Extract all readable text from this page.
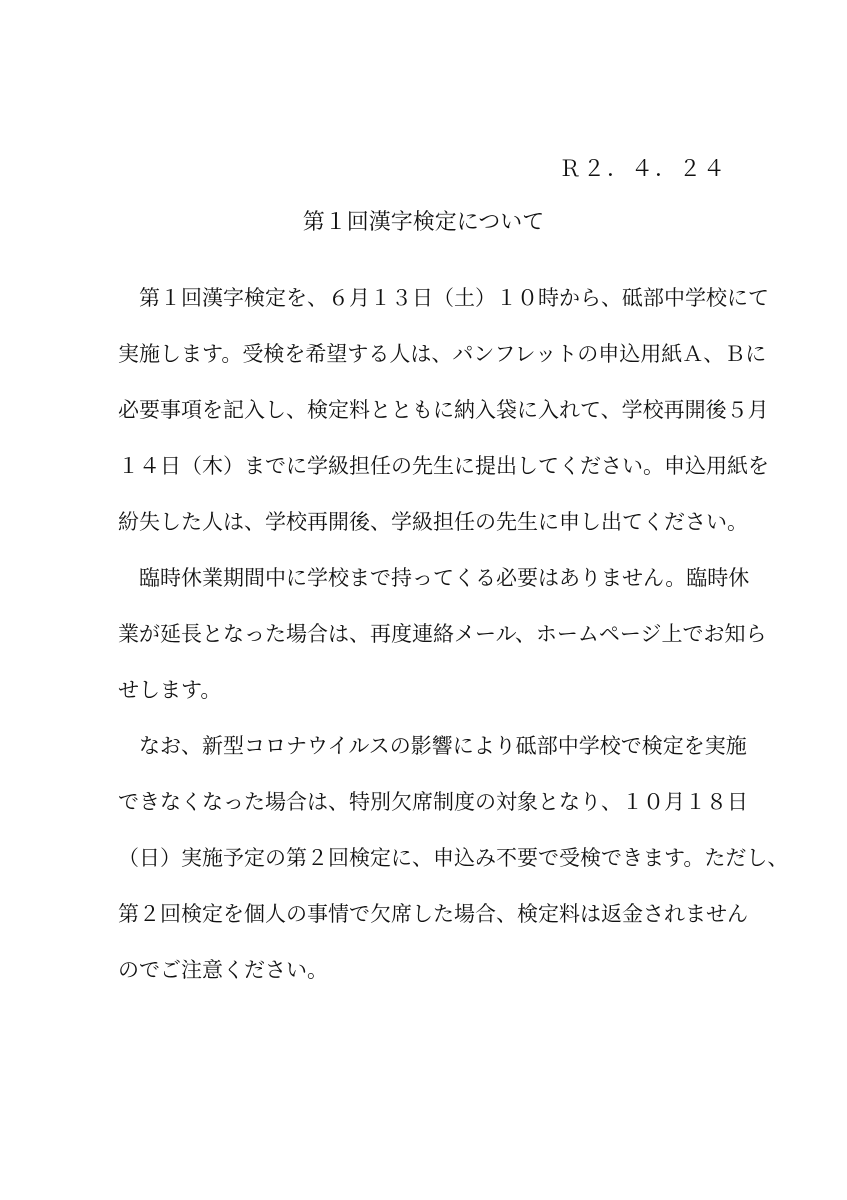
Ｒ２．４．２４
第１回漢字検定について
　第１回漢字検定を、６月１３日（土）１０時から、砥部中学校にて
実施します。受検を希望する人は、パンフレットの申込用紙Ａ、Ｂに
必要事項を記入し、検定料とともに納入袋に入れて、学校再開後５月
１４日（木）までに学級担任の先生に提出してください。申込用紙を
紛失した人は、学校再開後、学級担任の先生に申し出てください。
　臨時休業期間中に学校まで持ってくる必要はありません。臨時休
業が延長となった場合は、再度連絡メール、ホームページ上でお知ら
せします。
　なお、新型コロナウイルスの影響により砥部中学校で検定を実施
できなくなった場合は、特別欠席制度の対象となり、１０月１８日
（日）実施予定の第２回検定に、申込み不要で受検できます。ただし、
第２回検定を個人の事情で欠席した場合、検定料は返金されません
のでご注意ください。
